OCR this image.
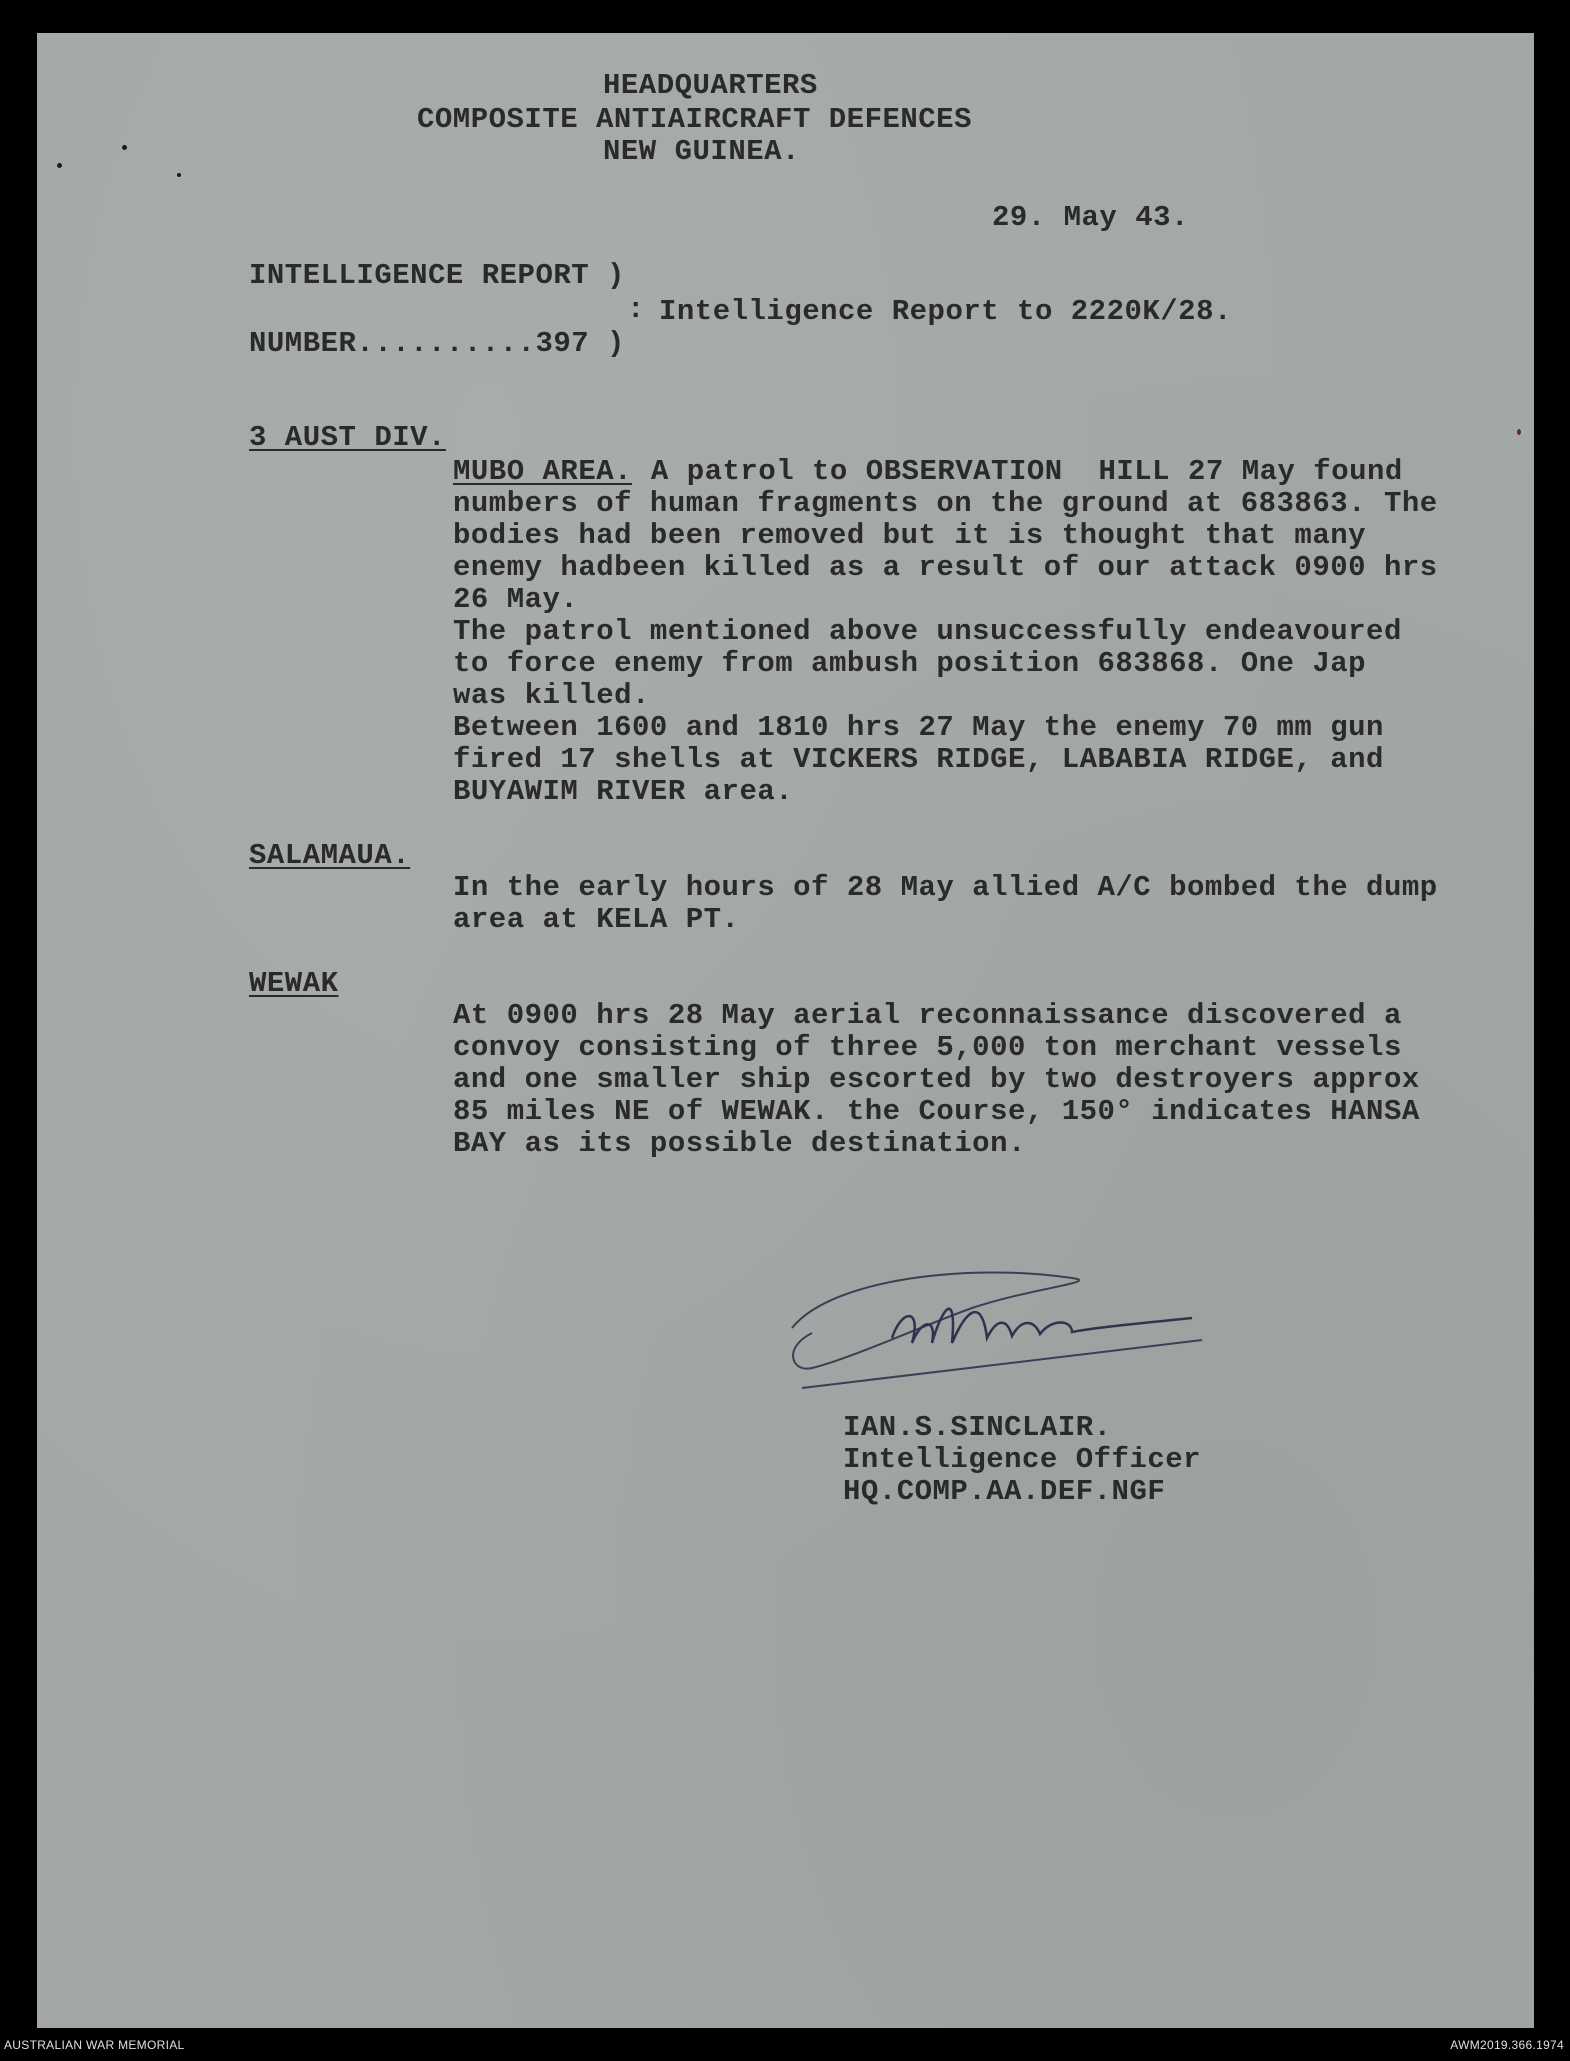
HEADQUARTERS
COMPOSITE ANTIAIRCRAFT DEFENCES
NEW GUINEA.
29. May 43.
INTELLIGENCE REPORT )
: Intelligence Report to 2220K/28.
NUMBER..........397 )
3 AUST DIV.
MUBO AREA. A patrol to OBSERVATION  HILL 27 May found
numbers of human fragments on the ground at 683863. The
bodies had been removed but it is thought that many
enemy hadbeen killed as a result of our attack 0900 hrs
26 May.
The patrol mentioned above unsuccessfully endeavoured
to force enemy from ambush position 683868. One Jap
was killed.
Between 1600 and 1810 hrs 27 May the enemy 70 mm gun
fired 17 shells at VICKERS RIDGE, LABABIA RIDGE, and
BUYAWIM RIVER area.
SALAMAUA.
In the early hours of 28 May allied A/C bombed the dump
area at KELA PT.
WEWAK
At 0900 hrs 28 May aerial reconnaissance discovered a
convoy consisting of three 5,000 ton merchant vessels
and one smaller ship escorted by two destroyers approx
85 miles NE of WEWAK. the Course, 150° indicates HANSA
BAY as its possible destination.
IAN.S.SINCLAIR.
Intelligence Officer
HQ.COMP.AA.DEF.NGF
AUSTRALIAN WAR MEMORIAL	AWM2019.366.1974
